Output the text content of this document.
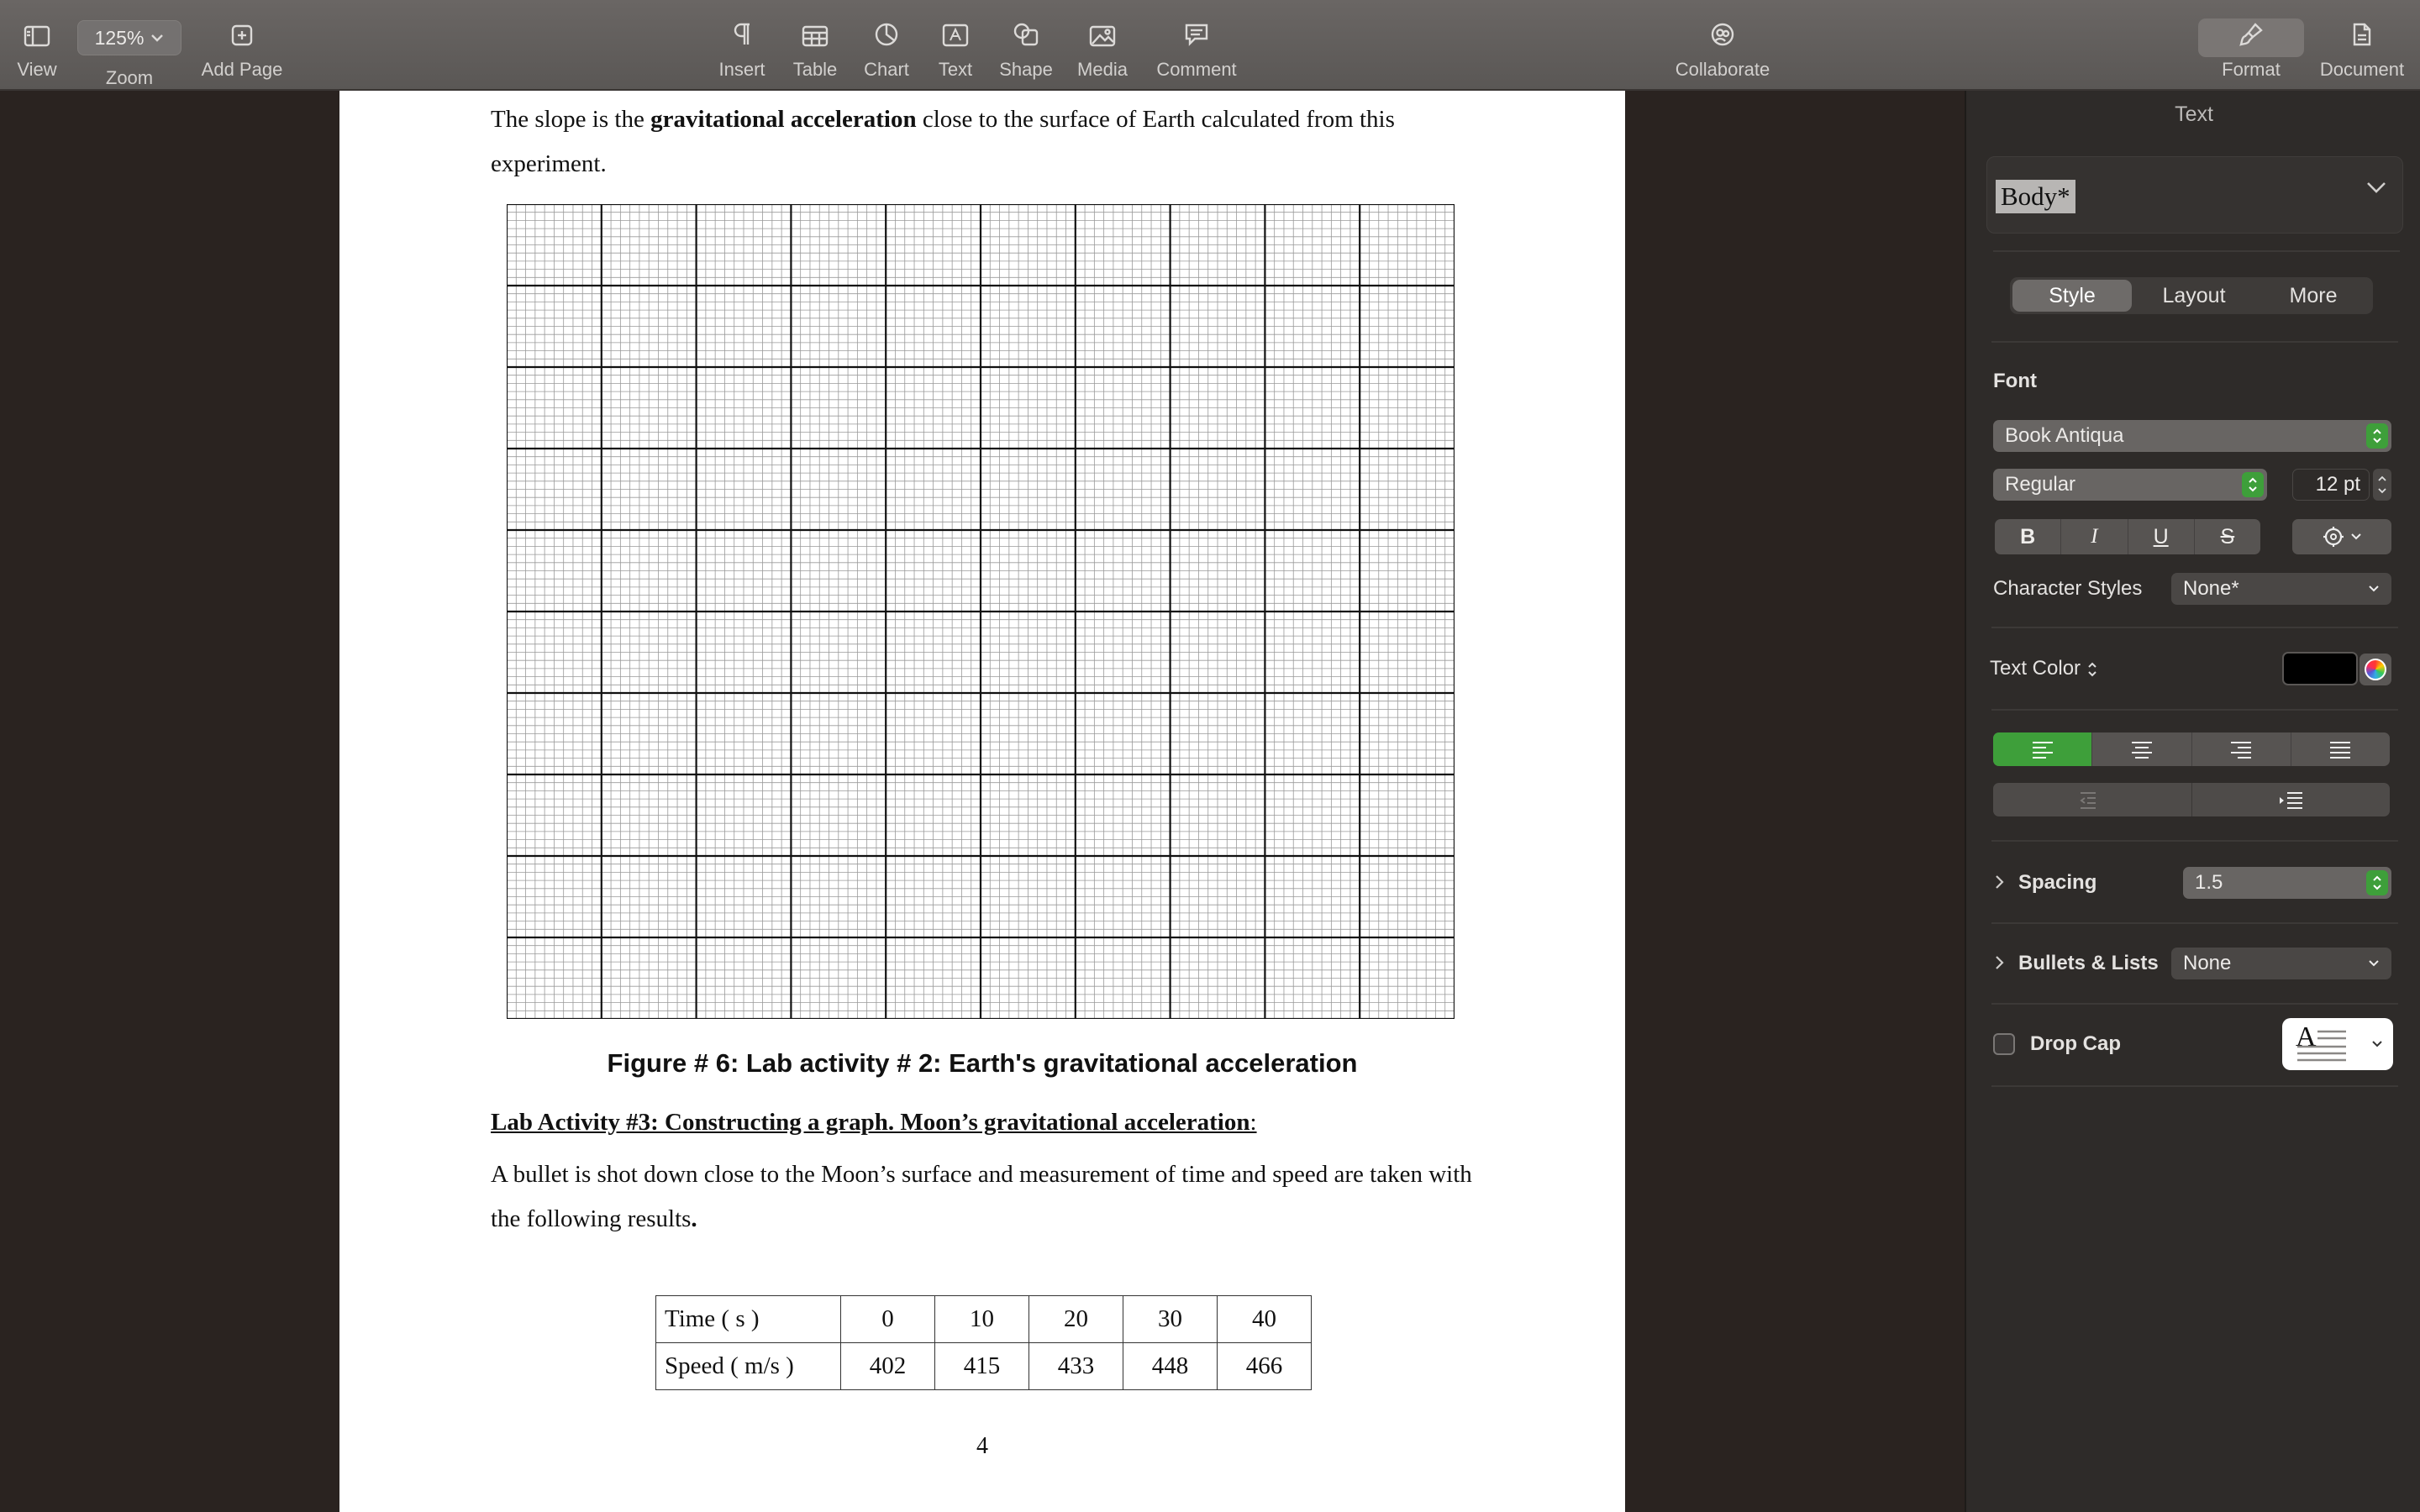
View
125%
Zoom	Add Page	Insert Table Chart Text Shape Media Comment	Collaborate	Format Document

The slope is the gravitational acceleration close to the surface of Earth calculated from this experiment.

Figure # 6: Lab activity # 2: Earth's gravitational acceleration
Lab Activity #3: Constructing a graph. Moon’s gravitational acceleration:

A bullet is shot down close to the Moon’s surface and measurement of time and speed are taken with the following results.

Time ( s )	0	10	20	30	40
Speed ( m/s )	402	415	433	448	466
4
Text
Body*
Style	Layout	More
Font
Book Antiqua
Regular	12 pt
B	I	U	S
Character Styles None*
Text Color
Spacing	1.5
Bullets & Lists None
Drop Cap	A
